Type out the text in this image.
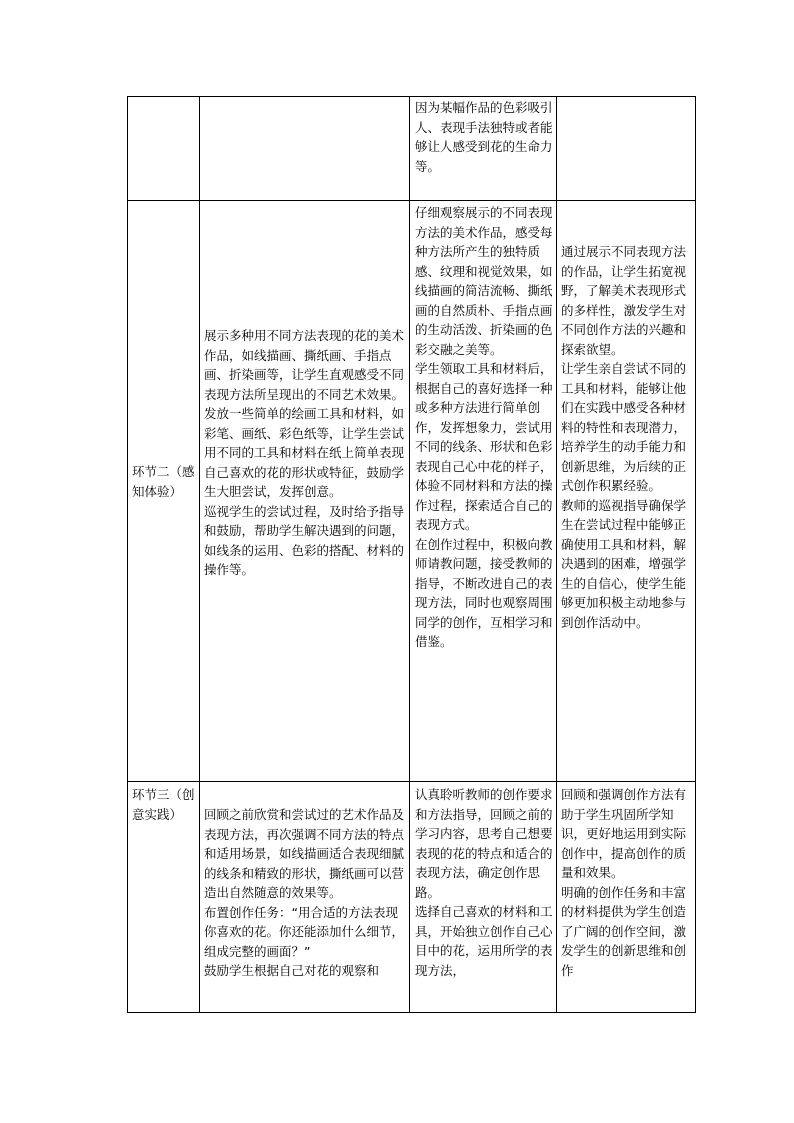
因为某幅作品的色彩吸引人、表现手法独特或者能够让人感受到花的生命力等。

环节二（感知体验）

展示多种用不同方法表现的花的美术作品，如线描画、撕纸画、手指点画、折染画等，让学生直观感受不同表现方法所呈现出的不同艺术效果。

发放一些简单的绘画工具和材料，如彩笔、画纸、彩色纸等，让学生尝试用不同的工具和材料在纸上简单表现自己喜欢的花的形状或特征，鼓励学生大胆尝试，发挥创意。

巡视学生的尝试过程，及时给予指导和鼓励，帮助学生解决遇到的问题，如线条的运用、色彩的搭配、材料的操作等。

仔细观察展示的不同表现方法的美术作品，感受每种方法所产生的独特质感、纹理和视觉效果，如线描画的简洁流畅、撕纸画的自然质朴、手指点画的生动活泼、折染画的色彩交融之美等。

学生领取工具和材料后，根据自己的喜好选择一种或多种方法进行简单创作，发挥想象力，尝试用不同的线条、形状和色彩表现自己心中花的样子，体验不同材料和方法的操作过程，探索适合自己的表现方式。

在创作过程中，积极向教师请教问题，接受教师的指导，不断改进自己的表现方法，同时也观察周围同学的创作，互相学习和借鉴。

通过展示不同表现方法的作品，让学生拓宽视野，了解美术表现形式的多样性，激发学生对不同创作方法的兴趣和探索欲望。

让学生亲自尝试不同的工具和材料，能够让他们在实践中感受各种材料的特性和表现潜力，培养学生的动手能力和创新思维，为后续的正式创作积累经验。

教师的巡视指导确保学生在尝试过程中能够正确使用工具和材料，解决遇到的困难，增强学生的自信心，使学生能够更加积极主动地参与到创作活动中。

环节三（创意实践）	回顾之前欣赏和尝试过的艺术作品及表现方法，再次强调不同方法的特点和适用场景，如线描画适合表现细腻的线条和精致的形状，撕纸画可以营造出自然随意的效果等。

布置创作任务：“用合适的方法表现你喜欢的花。你还能添加什么细节，组成完整的画面？”

鼓励学生根据自己对花的观察和

认真聆听教师的创作要求和方法指导，回顾之前的学习内容，思考自己想要表现的花的特点和适合的表现方法，确定创作思路。

选择自己喜欢的材料和工具，开始独立创作自己心目中的花，运用所学的表现方法，

回顾和强调创作方法有助于学生巩固所学知识，更好地运用到实际创作中，提高创作的质量和效果。

明确的创作任务和丰富的材料提供为学生创造了广阔的创作空间，激发学生的创新思维和创作
